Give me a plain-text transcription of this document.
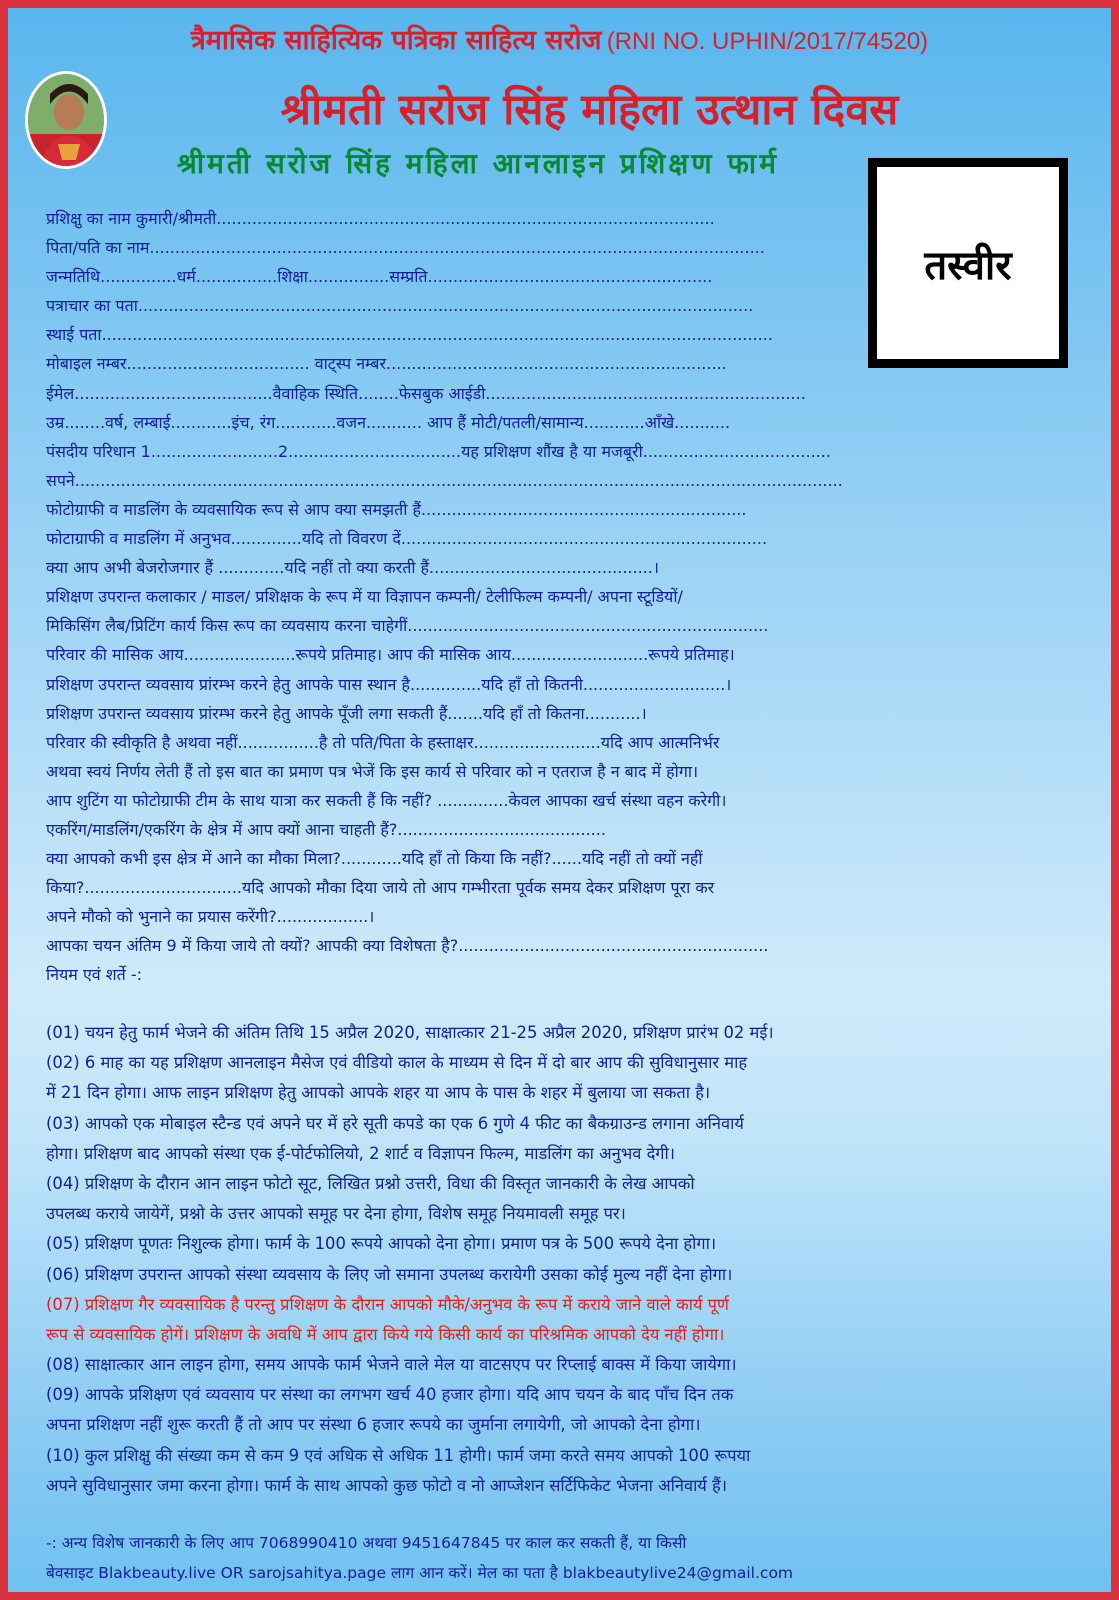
त्रैमासिक साहित्यिक पत्रिका साहित्य सरोज (RNI NO. UPHIN/2017/74520)
श्रीमती सरोज सिंह महिला उत्थान दिवस
श्रीमती सरोज सिंह महिला आनलाइन प्रशिक्षण फार्म
तस्वीर
प्रशिक्षु का नाम कुमारी/श्रीमती..................................................................................................
पिता/पति का नाम.........................................................................................................................
जन्मतिथि...............धर्म................शिक्षा................सम्प्रति........................................................
पत्राचार का पता.........................................................................................................................
स्थाई पता....................................................................................................................................
मोबाइल नम्बर.................................... वाट्स्प नम्बर...................................................................
ईमेल.......................................वैवाहिक स्थिति........फेसबुक आईडी...............................................................
उम्र........वर्ष, लम्बाई............इंच, रंग............वजन........... आप हैं मोटी/पतली/सामान्य............आँखे...........
पंसदीय परिधान 1.........................2..................................यह प्रशिक्षण शौंख है या मजबूरी.....................................
सपने.......................................................................................................................................................
फोटोग्राफी व माडलिंग के व्यवसायिक रूप से आप क्या समझती हैं................................................................
फोटाग्राफी व माडलिंग में अनुभव..............यदि तो विवरण दें........................................................................
क्या आप अभी बेजरोजगार हैं .............यदि नहीं तो क्या करती हैं............................................।
प्रशिक्षण उपरान्त कलाकार / माडल/ प्रशिक्षक के रूप में या विज्ञापन कम्पनी/ टेलीफिल्म कम्पनी/ अपना स्टूडियों/
मिकिसिंग लैब/प्रिटिंग कार्य किस रूप का व्यवसाय करना चाहेगीं.......................................................................
परिवार की मासिक आय......................रूपये प्रतिमाह। आप की मासिक आय...........................रूपये प्रतिमाह।
प्रशिक्षण उपरान्त व्यवसाय प्रांरम्भ करने हेतु आपके पास स्थान है..............यदि हाँ तो कितनी............................।
प्रशिक्षण उपरान्त व्यवसाय प्रांरम्भ करने हेतु आपके पूँजी लगा सकती हैं.......यदि हाँ तो कितना...........।
परिवार की स्वीकृति है अथवा नहीं................है तो पति/पिता के हस्ताक्षर.........................यदि आप आत्मनिर्भर
अथवा स्वयं निर्णय लेती हैं तो इस बात का प्रमाण पत्र भेजें कि इस कार्य से परिवार को न एतराज है न बाद में होगा।
आप शुटिंग या फोटोग्राफी टीम के साथ यात्रा कर सकती हैं कि नहीं? ..............केवल आपका खर्च संस्था वहन करेगी।
एकरिंग/माडलिंग/एकरिंग के क्षेत्र में आप क्यों आना चाहती हैं?.........................................
क्या आपको कभी इस क्षेत्र में आने का मौका मिला?............यदि हाँ तो किया कि नहीं?......यदि नहीं तो क्यों नहीं
किया?...............................यदि आपको मौका दिया जाये तो आप गम्भीरता पूर्वक समय देकर प्रशिक्षण पूरा कर
अपने मौको को भुनाने का प्रयास करेंगी?..................।
आपका चयन अंतिम 9 में किया जाये तो क्यों? आपकी क्या विशेषता है?.............................................................
नियम एवं शर्ते -:
(01) चयन हेतु फार्म भेजने की अंतिम तिथि 15 अप्रैल 2020, साक्षात्कार 21-25 अप्रैल 2020, प्रशिक्षण प्रारंभ 02 मई।
(02) 6 माह का यह प्रशिक्षण आनलाइन मैसेज एवं वीडियो काल के माध्यम से दिन में दो बार आप की सुविधानुसार माह
में 21 दिन होगा। आफ लाइन प्रशिक्षण हेतु आपको आपके शहर या आप के पास के शहर में बुलाया जा सकता है।
(03) आपको एक मोबाइल स्टैन्ड एवं अपने घर में हरे सूती कपडे का एक 6 गुणे 4 फीट का बैकग्राउन्ड लगाना अनिवार्य
होगा। प्रशिक्षण बाद आपको संस्था एक ई-पोर्टफोलियो, 2 शार्ट व विज्ञापन फिल्म, माडलिंग का अनुभव देगी।
(04) प्रशिक्षण के दौरान आन लाइन फोटो सूट, लिखित प्रश्नो उत्तरी, विधा की विस्तृत जानकारी के लेख आपको
उपलब्ध कराये जायेगें, प्रश्नो के उत्तर आपको समूह पर देना होगा, विशेष समूह नियमावली समूह पर।
(05) प्रशिक्षण पूणतः निशुल्क होगा। फार्म के 100 रूपये आपको देना होगा। प्रमाण पत्र के 500 रूपये देना होगा।
(06) प्रशिक्षण उपरान्त आपको संस्था व्यवसाय के लिए जो समाना उपलब्ध करायेगी उसका कोई मुल्य नहीं देना होगा।
(07) प्रशिक्षण गैर व्यवसायिक है परन्तु प्रशिक्षण के दौरान आपको मौके/अनुभव के रूप में कराये जाने वाले कार्य पूर्ण
रूप से व्यवसायिक होगें। प्रशिक्षण के अवधि में आप द्वारा किये गये किसी कार्य का परिश्रमिक आपको देय नहीं होगा।
(08) साक्षात्कार आन लाइन होगा, समय आपके फार्म भेजने वाले मेल या वाटसएप पर रिप्लाई बाक्स में किया जायेगा।
(09) आपके प्रशिक्षण एवं व्यवसाय पर संस्था का लगभग खर्च 40 हजार होगा। यदि आप चयन के बाद पाँच दिन तक
अपना प्रशिक्षण नहीं शुरू करती हैं तो आप पर संस्था 6 हजार रूपये का जुर्माना लगायेगी, जो आपको देना होगा।
(10) कुल प्रशिक्षु की संख्या कम से कम 9 एवं अधिक से अधिक 11 होगी। फार्म जमा करते समय आपको 100 रूपया
अपने सुविधानुसार जमा करना होगा। फार्म के साथ आपको कुछ फोटो व नो आप्जेशन सर्टिफिकेट भेजना अनिवार्य हैं।
-: अन्य विशेष जानकारी के लिए आप 7068990410 अथवा 9451647845 पर काल कर सकती हैं, या किसी
बेवसाइट Blakbeauty.live OR sarojsahitya.page लाग आन करें। मेल का पता है blakbeautylive24@gmail.com
